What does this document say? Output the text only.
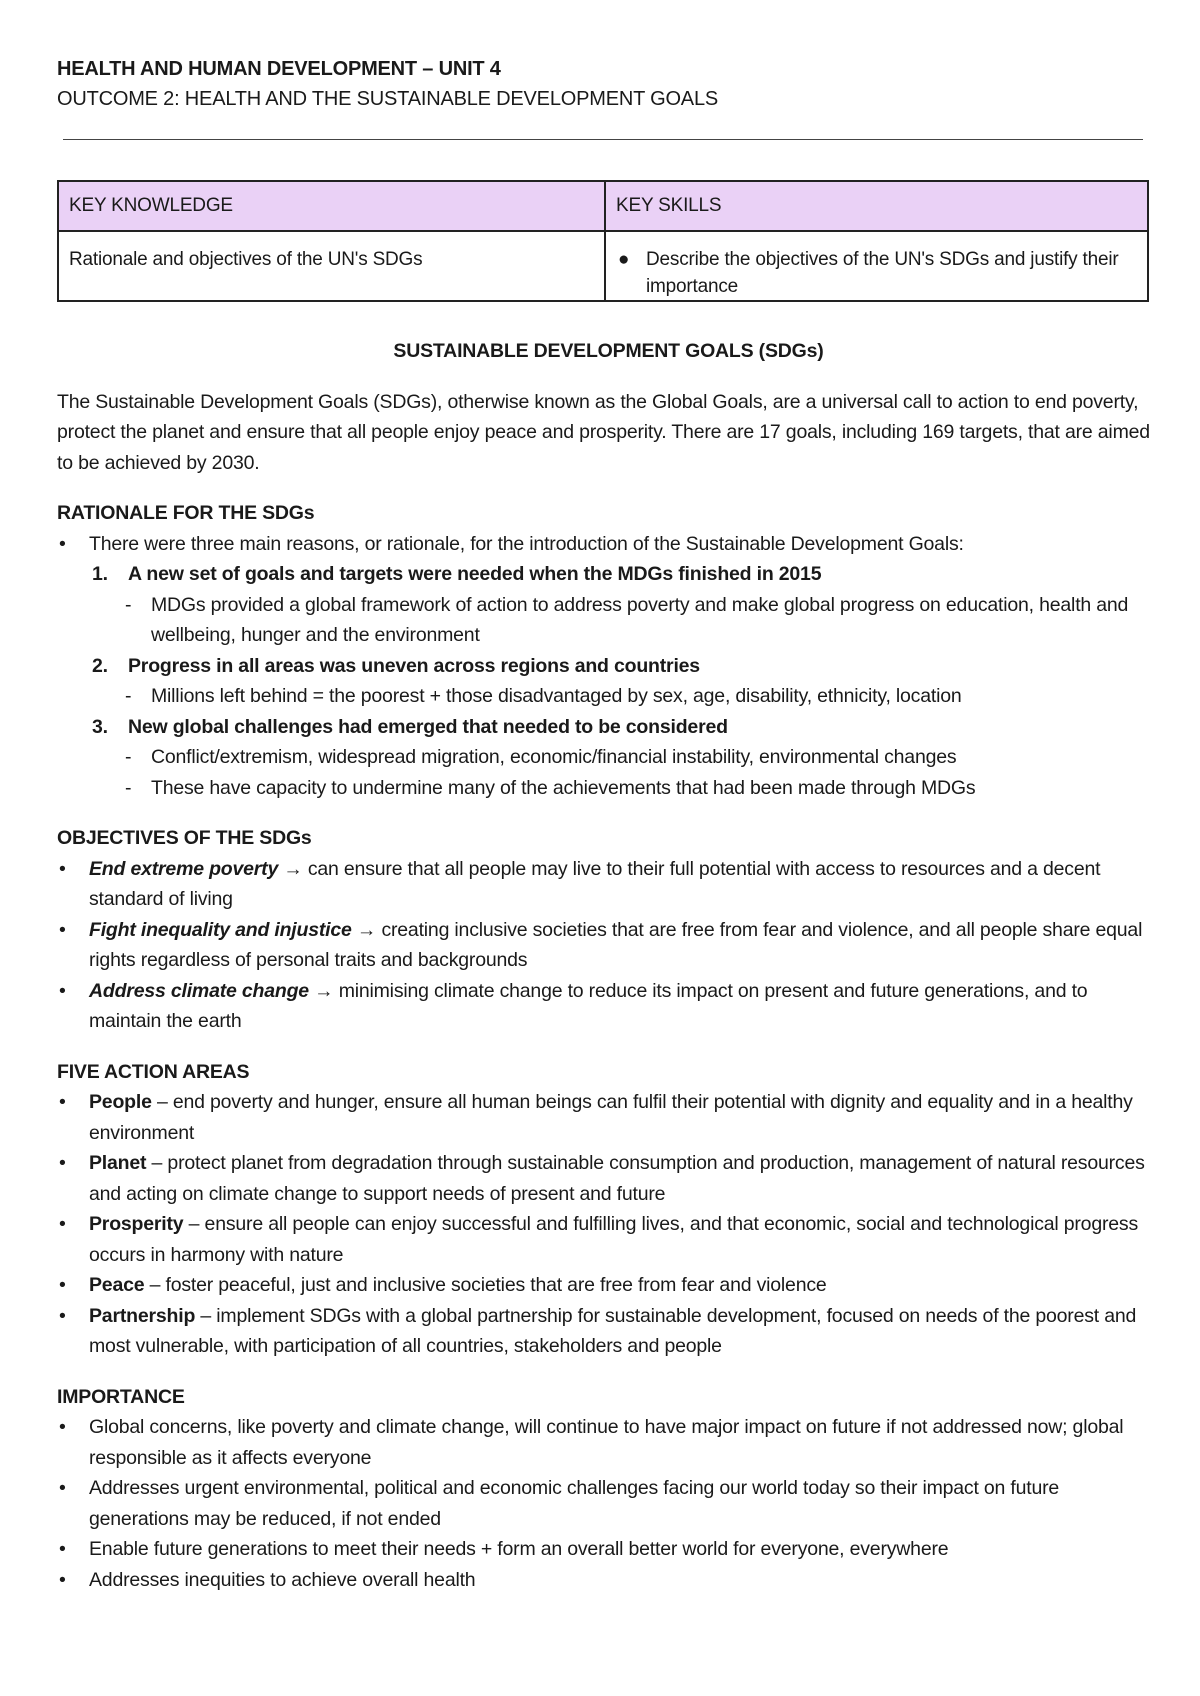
HEALTH AND HUMAN DEVELOPMENT – UNIT 4
OUTCOME 2: HEALTH AND THE SUSTAINABLE DEVELOPMENT GOALS
KEY KNOWLEDGE	KEY SKILLS
Rationale and objectives of the UN's SDGs	● Describe the objectives of the UN's SDGs and justify their importance
SUSTAINABLE DEVELOPMENT GOALS (SDGs)
The Sustainable Development Goals (SDGs), otherwise known as the Global Goals, are a universal call to action to end poverty, protect the planet and ensure that all people enjoy peace and prosperity. There are 17 goals, including 169 targets, that are aimed to be achieved by 2030.
RATIONALE FOR THE SDGs
•	There were three main reasons, or rationale, for the introduction of the Sustainable Development Goals:
1.	A new set of goals and targets were needed when the MDGs finished in 2015
-	MDGs provided a global framework of action to address poverty and make global progress on education, health and wellbeing, hunger and the environment
2.	Progress in all areas was uneven across regions and countries
-	Millions left behind = the poorest + those disadvantaged by sex, age, disability, ethnicity, location
3.	New global challenges had emerged that needed to be considered
-	Conflict/extremism, widespread migration, economic/financial instability, environmental changes
-	These have capacity to undermine many of the achievements that had been made through MDGs
OBJECTIVES OF THE SDGs
•	End extreme poverty → can ensure that all people may live to their full potential with access to resources and a decent standard of living
•	Fight inequality and injustice → creating inclusive societies that are free from fear and violence, and all people share equal rights regardless of personal traits and backgrounds
•	Address climate change → minimising climate change to reduce its impact on present and future generations, and to maintain the earth
FIVE ACTION AREAS
•	People – end poverty and hunger, ensure all human beings can fulfil their potential with dignity and equality and in a healthy environment
•	Planet – protect planet from degradation through sustainable consumption and production, management of natural resources and acting on climate change to support needs of present and future
•	Prosperity – ensure all people can enjoy successful and fulfilling lives, and that economic, social and technological progress occurs in harmony with nature
•	Peace – foster peaceful, just and inclusive societies that are free from fear and violence
•	Partnership – implement SDGs with a global partnership for sustainable development, focused on needs of the poorest and most vulnerable, with participation of all countries, stakeholders and people
IMPORTANCE
•	Global concerns, like poverty and climate change, will continue to have major impact on future if not addressed now; global responsible as it affects everyone
•	Addresses urgent environmental, political and economic challenges facing our world today so their impact on future generations may be reduced, if not ended
•	Enable future generations to meet their needs + form an overall better world for everyone, everywhere
•	Addresses inequities to achieve overall health
